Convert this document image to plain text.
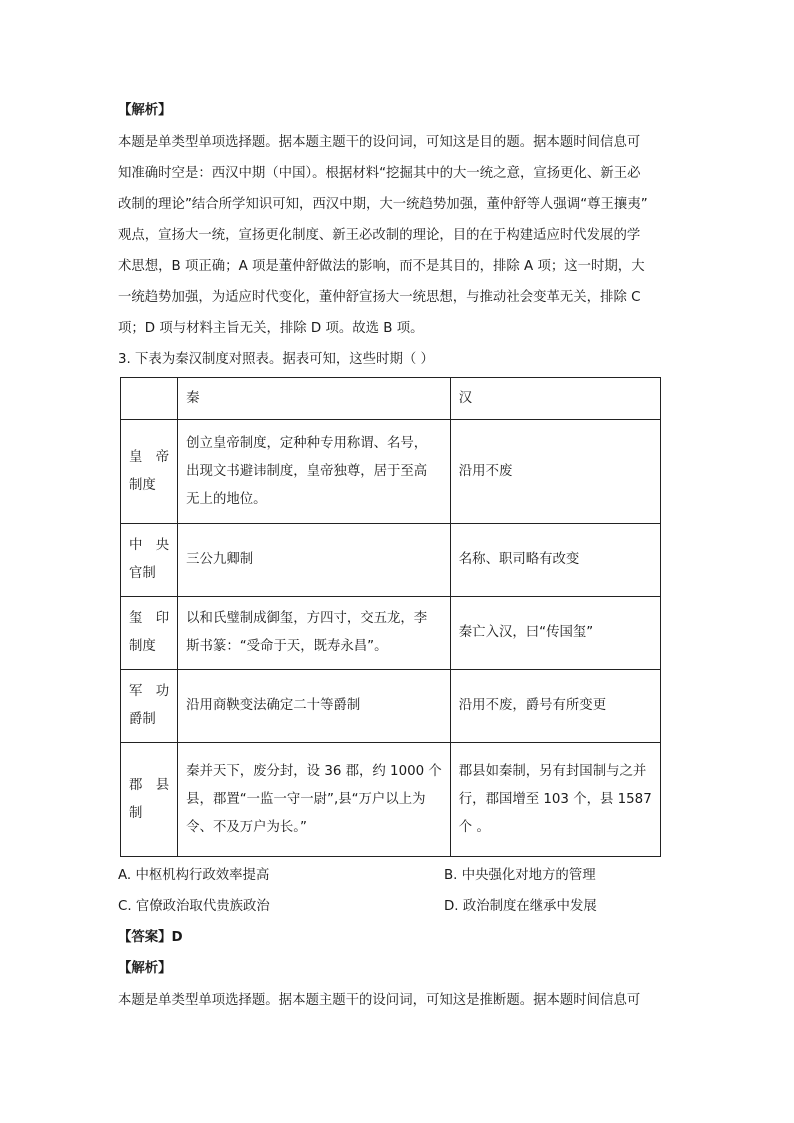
【解析】
本题是单类型单项选择题。据本题主题干的设问词，可知这是目的题。据本题时间信息可
知准确时空是：西汉中期（中国）。根据材料“挖掘其中的大一统之意，宣扬更化、新王必
改制的理论”结合所学知识可知，西汉中期，大一统趋势加强，董仲舒等人强调“尊王攘夷”
观点，宣扬大一统，宣扬更化制度、新王必改制的理论，目的在于构建适应时代发展的学
术思想，B 项正确；A 项是董仲舒做法的影响，而不是其目的，排除 A 项；这一时期，大
一统趋势加强，为适应时代变化，董仲舒宣扬大一统思想，与推动社会变革无关，排除 C
项；D 项与材料主旨无关，排除 D 项。故选 B 项。
3. 下表为秦汉制度对照表。据表可知，这些时期（ ）
	秦	汉

皇　帝
制度	创立皇帝制度，定种种专用称谓、名号，
出现文书避讳制度，皇帝独尊，居于至高
无上的地位。	沿用不废

中　央
官制	三公九卿制	名称、职司略有改变

玺　印
制度	以和氏璧制成御玺，方四寸，交五龙，李
斯书篆：“受命于天，既寿永昌”。	秦亡入汉，曰“传国玺”

军　功
爵制	沿用商鞅变法确定二十等爵制	沿用不废，爵号有所变更

郡　县
制	秦并天下，废分封，设 36 郡，约 1000 个
县，郡置“一监一守一尉”,县“万户以上为
令、不及万户为长。”	郡县如秦制，另有封国制与之并
行，郡国增至 103 个，县 1587
个 。
A. 中枢机构行政效率提高	B. 中央强化对地方的管理
C. 官僚政治取代贵族政治	D. 政治制度在继承中发展
【答案】D
【解析】
本题是单类型单项选择题。据本题主题干的设问词，可知这是推断题。据本题时间信息可
